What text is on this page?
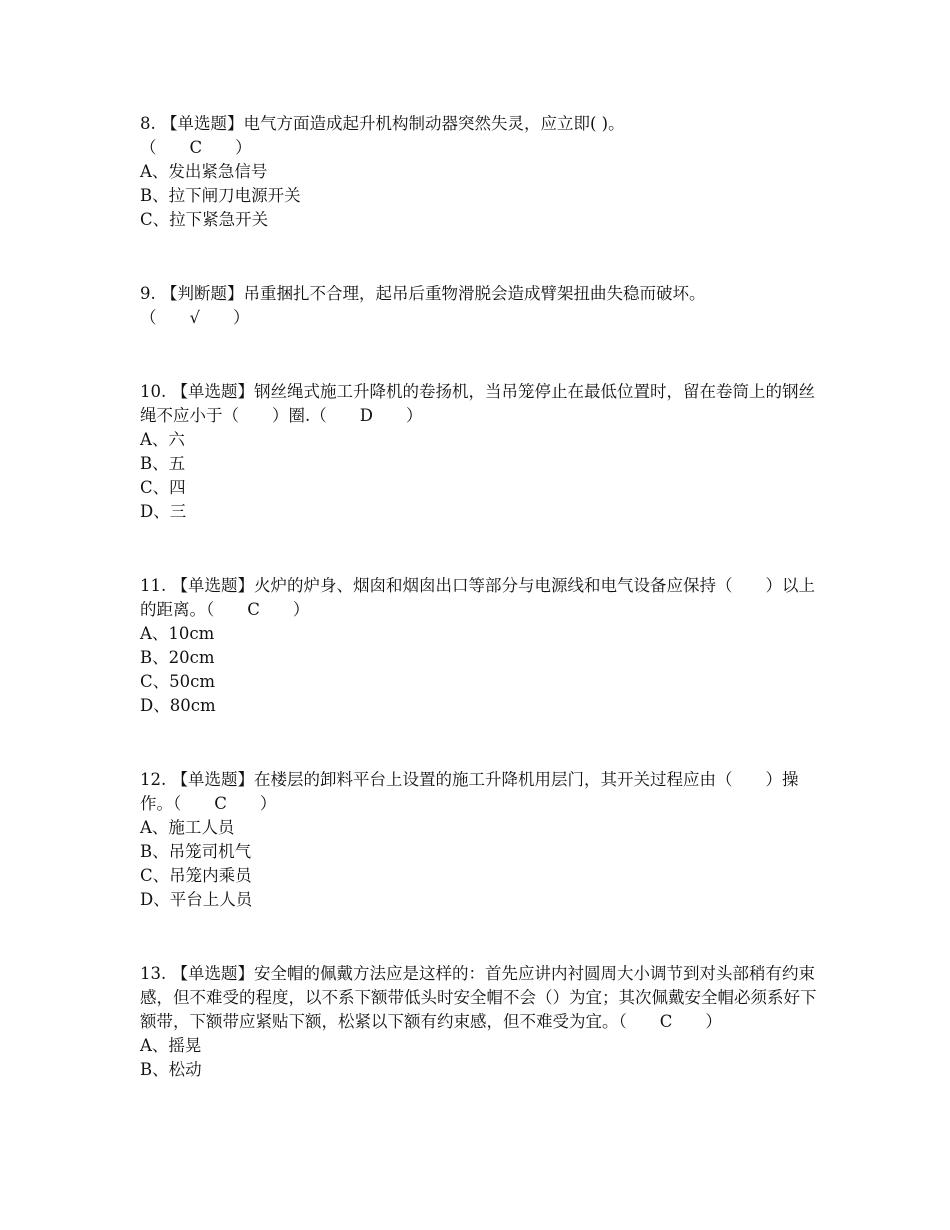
8. 【单选题】电气方面造成起升机构制动器突然失灵，应立即( )。

（　　C　　）

A、发出紧急信号

B、拉下闸刀电源开关

C、拉下紧急开关

9. 【判断题】吊重捆扎不合理，起吊后重物滑脱会造成臂架扭曲失稳而破坏。

（　　√　　）

10. 【单选题】钢丝绳式施工升降机的卷扬机，当吊笼停止在最低位置时，留在卷筒上的钢丝绳不应小于（　　）圈.（　　D　　）

A、六

B、五

C、四

D、三

11. 【单选题】火炉的炉身、烟囱和烟囱出口等部分与电源线和电气设备应保持（　　）以上的距离。（　　C　　）

A、10cm

B、20cm

C、50cm

D、80cm

12. 【单选题】在楼层的卸料平台上设置的施工升降机用层门，其开关过程应由（　　）操作。（　　C　　）

A、施工人员

B、吊笼司机气

C、吊笼内乘员

D、平台上人员

13. 【单选题】安全帽的佩戴方法应是这样的：首先应讲内衬圆周大小调节到对头部稍有约束感，但不难受的程度，以不系下额带低头时安全帽不会（）为宜；其次佩戴安全帽必须系好下额带，下额带应紧贴下额，松紧以下额有约束感，但不难受为宜。（　　C　　）

A、摇晃

B、松动
